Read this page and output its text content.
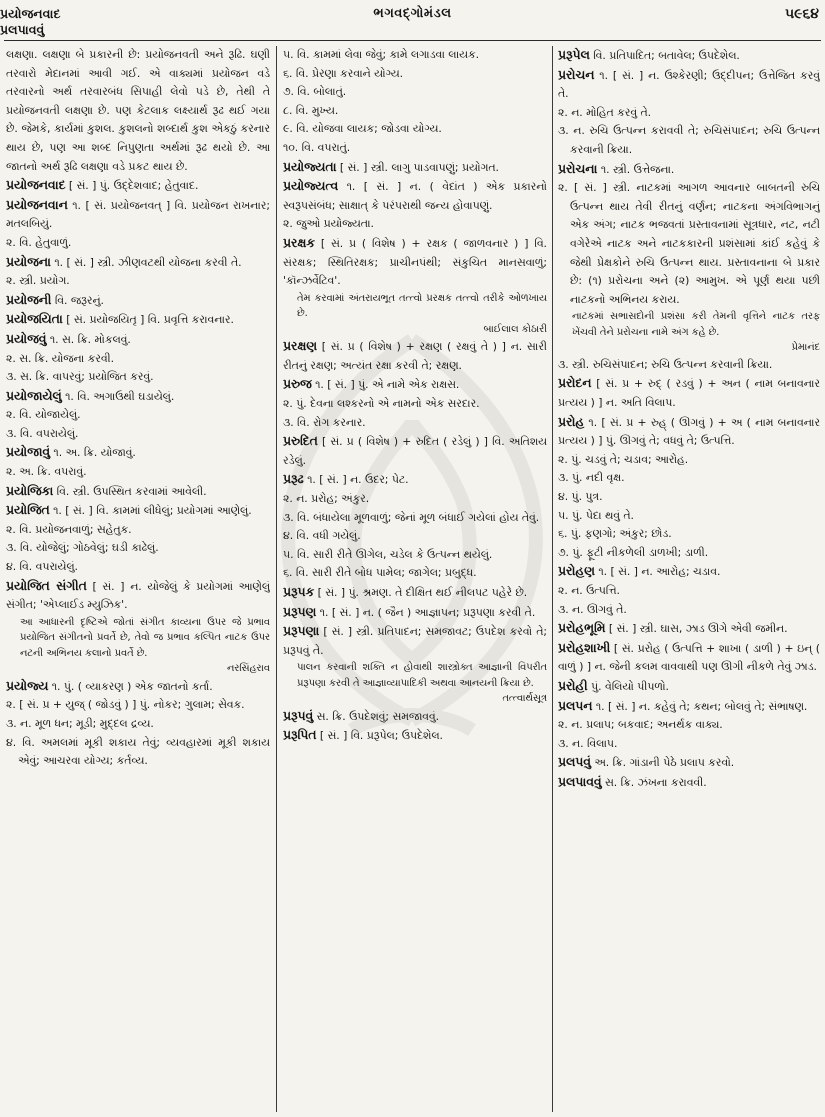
પ્રયોજનવાદ
પ્રલપાવવું
ભગવદ્ગોમંડલ	૫૯૬૪

લક્ષણા. લક્ષણા બે પ્રકારની છે: પ્રયોજનવતી અને રૂઢિ. ઘણી તરવારો મેદાનમાં આવી ગઈ. એ વાક્યમાં પ્રયોજન વડે તરવારનો અર્થ તરવારબંધ સિપાહી લેવો પડે છે, તેથી તે પ્રયોજનવતી લક્ષણા છે. પણ કેટલાક લક્ષ્યાર્થ રૂઢ થઈ ગયા છે. જેમકે, કાર્યમાં કુશલ. કુશલનો શબ્દાર્થ કુશ એકઠું કરનાર થાય છે, પણ આ શબ્દ નિપુણતા અર્થમાં રૂઢ થયો છે. આ જાતનો અર્થ રૂઢિ લક્ષણા વડે પ્રકટ થાય છે.

પ્રયોજનવાદ [ સં. ] પું. ઉદ્દેશવાદ; હેતુવાદ.

પ્રયોજનવાન ૧. [ સં. પ્રયોજનવત્ ] વિ. પ્રયોજન રાખનાર; મતલબિયું.

૨. વિ. હેતુવાળું.

પ્રયોજના ૧. [ સં. ] સ્ત્રી. ઝીણવટથી યોજના કરવી તે.

૨. સ્ત્રી. પ્રયોગ.

પ્રયોજની વિ. જરૂરનું.

પ્રયોજયિતા [ સં. પ્રયોજયિતૃ ] વિ. પ્રવૃત્તિ કરાવનાર.

પ્રયોજવું ૧. સ. ક્રિ. મોકલવું.

૨. સ. ક્રિ. યોજના કરવી.

૩. સ. ક્રિ. વાપરવું; પ્રયોજિત કરવું.

પ્રયોજાયેલું ૧. વિ. અગાઉથી ઘડાયેલું.

૨. વિ. યોજાયેલું.

૩. વિ. વપરાયેલું.

પ્રયોજાવું ૧. અ. ક્રિ. યોજાવું.

૨. અ. ક્રિ. વપરાવું.

પ્રયોજિકા વિ. સ્ત્રી. ઉપસ્થિત કરવામાં આવેલી.

પ્રયોજિત ૧. [ સં. ] વિ. કામમાં લીધેલું; પ્રયોગમાં આણેલું.

૨. વિ. પ્રયોજનવાળું; સહેતુક.

૩. વિ. યોજેલું; ગોઠવેલું; ઘડી કાઢેલું.

૪. વિ. વપરાયેલું.

પ્રયોજિત સંગીત [ સં. ] ન. યોજેલું કે પ્રયોગમાં આણેલું સંગીત; 'એપ્લાઈડ મ્યુઝિક'.

આ આધારની દૃષ્ટિએ જોતાં સંગીત કાવ્યના ઉપર જે પ્રભાવ પ્રયોજિત સંગીતનો પ્રવર્તે છે, તેવો જ પ્રભાવ કલ્પિત નાટક ઉપર નટની અભિનય કલાનો પ્રવર્તે છે.
નરસિંહરાવ

પ્રયોજ્ય ૧. પું. ( વ્યાકરણ ) એક જાતનો કર્તા.

૨. [ સં. પ્ર + યુજ્ ( જોડવું ) ] પું. નોકર; ગુલામ; સેવક.

૩. ન. મૂળ ધન; મૂડી; મુદ્દલ દ્રવ્ય.

૪. વિ. અમલમાં મૂકી શકાય તેવું; વ્યવહારમાં મૂકી શકાય એવું; આચરવા યોગ્ય; કર્તવ્ય.

૫. વિ. કામમાં લેવા જેવું; કામે લગાડવા લાયક.

૬. વિ. પ્રેરણા કરવાને યોગ્ય.

૭. વિ. બોલાતું.

૮. વિ. મુખ્ય.

૯. વિ. યોજવા લાયક; જોડવા યોગ્ય.

૧૦. વિ. વપરાતું.

પ્રયોજ્યતા [ સં. ] સ્ત્રી. લાગુ પાડવાપણું; પ્રયોગત.

પ્રયોજ્યત્વ ૧. [ સં. ] ન. ( વેદાંત ) એક પ્રકારનો સ્વરૂપસંબંધ; સાક્ષાત્ કે પરંપરાથી જન્ય હોવાપણું.

૨. જુઓ પ્રયોજ્યતા.

પ્રરક્ષક [ સં. પ્ર ( વિશેષ ) + રક્ષક ( જાળવનાર ) ] વિ. સંરક્ષક; સ્થિતિરક્ષક; પ્રાચીનપંથી; સંકુચિત માનસવાળું; 'કૉન્ઝર્વેટિવ'.

તેમ કરવામાં અંતરાયભૂત તત્ત્વો પ્રરક્ષક તત્ત્વો તરીકે ઓળખાય છે.
બાઈલાલ કોઠારી

પ્રરક્ષણ [ સં. પ્ર ( વિશેષ ) + રક્ષણ ( રક્ષવું તે ) ] ન. સારી રીતનું રક્ષણ; અત્યંત રક્ષા કરવી તે; રક્ષણ.

પ્રરુજ ૧. [ સં. ] પું. એ નામે એક રાક્ષસ.

૨. પું. દેવના લશ્કરનો એ નામનો એક સરદાર.

૩. વિ. રોગ કરનાર.

પ્રરુદિત [ સં. પ્ર ( વિશેષ ) + રુદિત ( રડેલું ) ] વિ. અતિશય રડેલું.

પ્રરૂઢ ૧. [ સં. ] ન. ઉદર; પેટ.

૨. ન. પ્રરોહ; અંકુર.

૩. વિ. બંધાયેલા મૂળવાળું; જેનાં મૂળ બંધાઈ ગયેલાં હોય તેવું.

૪. વિ. વધી ગયેલું.

૫. વિ. સારી રીતે ઊગેલ, ચડેલ કે ઉત્પન્ન થયેલું.

૬. વિ. સારી રીતે બોધ પામેલ; જાગેલ; પ્રબુદ્ધ.

પ્રરૂપક [ સં. ] પું. શ્રમણ. તે દીક્ષિત થઈ નીલપટ પહેરે છે.

પ્રરૂપણ ૧. [ સં. ] ન. ( જૈન ) આજ્ઞાપન; પ્રરૂપણા કરવી તે.

પ્રરૂપણા [ સં. ] સ્ત્રી. પ્રતિપાદન; સમજાવટ; ઉપદેશ કરવો તે; પ્રરૂપવું તે.

પાલન કરવાની શક્તિ ન હોવાથી શાસ્ત્રોક્ત આજ્ઞાની વિપરીત પ્રરૂપણા કરવી તે આજ્ઞાવ્યાપાદિકી અથવા આનયની ક્રિયા છે.
તત્ત્વાર્થસૂત્ર

પ્રરૂપવું સ. ક્રિ. ઉપદેશવું; સમજાવવું.

પ્રરૂપિત [ સં. ] વિ. પ્રરૂપેલ; ઉપદેશેલ.

પ્રરૂપેલ વિ. પ્રતિપાદિત; બતાવેલ; ઉપદેશેલ.

પ્રરોચન ૧. [ સં. ] ન. ઉશ્કેરણી; ઉદ્દીપન; ઉત્તેજિત કરવું તે.

૨. ન. મોહિત કરવું તે.

૩. ન. રુચિ ઉત્પન્ન કરાવવી તે; રુચિસંપાદન; રુચિ ઉત્પન્ન કરવાની ક્રિયા.

પ્રરોચના ૧. સ્ત્રી. ઉત્તેજના.

૨. [ સં. ] સ્ત્રી. નાટકમાં આગળ આવનાર બાબતની રુચિ ઉત્પન્ન થાય તેવી રીતનું વર્ણન; નાટકના અંગવિભાગનું એક અંગ; નાટક ભજવતાં પ્રસ્તાવનામાં સૂત્રધાર, નટ, નટી વગેરેએ નાટક અને નાટકકારની પ્રશંસામાં કાંઈ કહેવું કે જેથી પ્રેક્ષકોને રુચિ ઉત્પન્ન થાય. પ્રસ્તાવનાના બે પ્રકાર છે: (૧) પ્રરોચના અને (૨) આમુખ. એ પૂર્ણ થયા પછી નાટકનો અભિનય કરાય.

નાટકમાં સભાસદોની પ્રશંસા કરી તેમની વૃત્તિને નાટક તરફ ખેંચવી તેને પ્રરોચના નામે અંગ કહે છે.
પ્રેમાનંદ

૩. સ્ત્રી. રુચિસંપાદન; રુચિ ઉત્પન્ન કરવાની ક્રિયા.

પ્રરોદન [ સં. પ્ર + રુદ્ ( રડવું ) + અન ( નામ બનાવનાર પ્રત્યય ) ] ન. અતિ વિલાપ.

પ્રરોહ ૧. [ સં. પ્ર + રુહ્ ( ઊગવું ) + અ ( નામ બનાવનાર પ્રત્યય ) ] પું. ઊગવું તે; વધવું તે; ઉત્પત્તિ.

૨. પું. ચડવું તે; ચડાવ; આરોહ.

૩. પું. નદી વૃક્ષ.

૪. પું. પુત્ર.

૫. પું. પેદા થવું તે.

૬. પું. ફણગો; અંકુર; છોડ.

૭. પું. ફૂટી નીકળેલી ડાળખી; ડાળી.

પ્રરોહણ ૧. [ સં. ] ન. આરોહ; ચડાવ.

૨. ન. ઉત્પત્તિ.

૩. ન. ઊગવું તે.

પ્રરોહભૂમિ [ સં. ] સ્ત્રી. ઘાસ, ઝાડ ઊગે એવી જમીન.

પ્રરોહશાખી [ સં. પ્રરોહ ( ઉત્પત્તિ + શાખા ( ડાળી ) + ઇન્ ( વાળું ) ] ન. જેની કલમ વાવવાથી પણ ઊગી નીકળે તેવું ઝાડ.

પ્રરોહી પું. વેલિયો પીપળો.

પ્રલપન ૧. [ સં. ] ન. કહેવું તે; કથન; બોલવું તે; સંભાષણ.

૨. ન. પ્રલાપ; બકવાદ; અનર્થક વાક્ય.

૩. ન. વિલાપ.

પ્રલપવું અ. ક્રિ. ગાંડાની પેઠે પ્રલાપ કરવો.

પ્રલપાવવું સ. ક્રિ. ઝંખના કરાવવી.
